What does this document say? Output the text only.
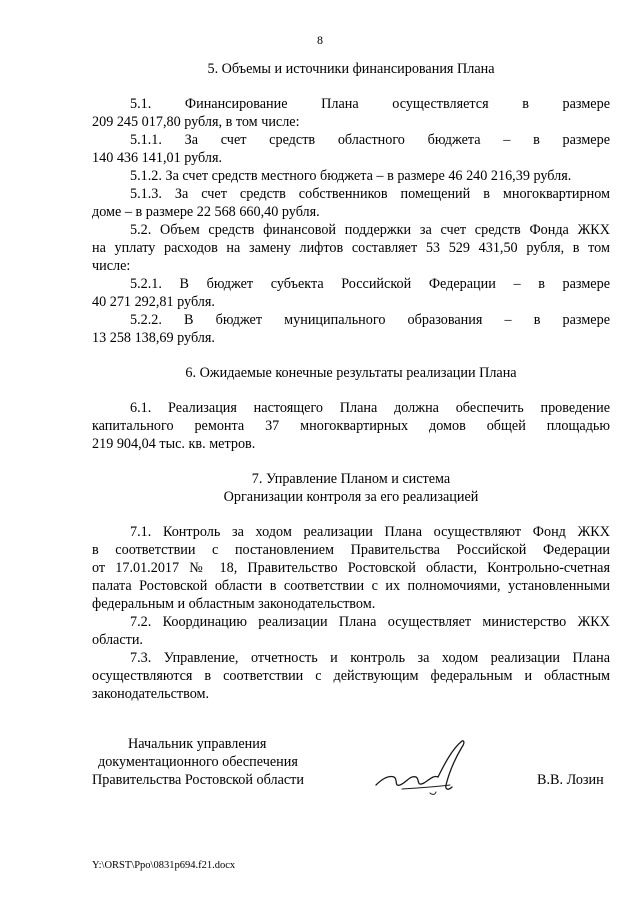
8

5. Объемы и источники финансирования Плана

5.1. Финансирование Плана осуществляется в размере
209 245 017,80 рубля, в том числе:
5.1.1. За счет средств областного бюджета – в размере
140 436 141,01 рубля.
5.1.2. За счет средств местного бюджета – в размере 46 240 216,39 рубля.
5.1.3. За счет средств собственников помещений в многоквартирном
доме – в размере 22 568 660,40 рубля.
5.2. Объем средств финансовой поддержки за счет средств Фонда ЖКХ
на уплату расходов на замену лифтов составляет 53 529 431,50 рубля, в том
числе:
5.2.1. В бюджет субъекта Российской Федерации – в размере
40 271 292,81 рубля.
5.2.2. В бюджет муниципального образования – в размере
13 258 138,69 рубля.

6. Ожидаемые конечные результаты реализации Плана

6.1. Реализация настоящего Плана должна обеспечить проведение
капитального ремонта 37 многоквартирных домов общей площадью
219 904,04 тыс. кв. метров.

7. Управление Планом и система

Организации контроля за его реализацией

7.1. Контроль за ходом реализации Плана осуществляют Фонд ЖКХ
в соответствии с постановлением Правительства Российской Федерации
от 17.01.2017 № 18, Правительство Ростовской области, Контрольно-счетная
палата Ростовской области в соответствии с их полномочиями, установленными
федеральным и областным законодательством.
7.2. Координацию реализации Плана осуществляет министерство ЖКХ
области.
7.3. Управление, отчетность и контроль за ходом реализации Плана
осуществляются в соответствии с действующим федеральным и областным
законодательством.
Начальник управления
документационного обеспечения
Правительства Ростовской области	В.В. Лозин
Y:\ORST\Ppo\0831p694.f21.docx
